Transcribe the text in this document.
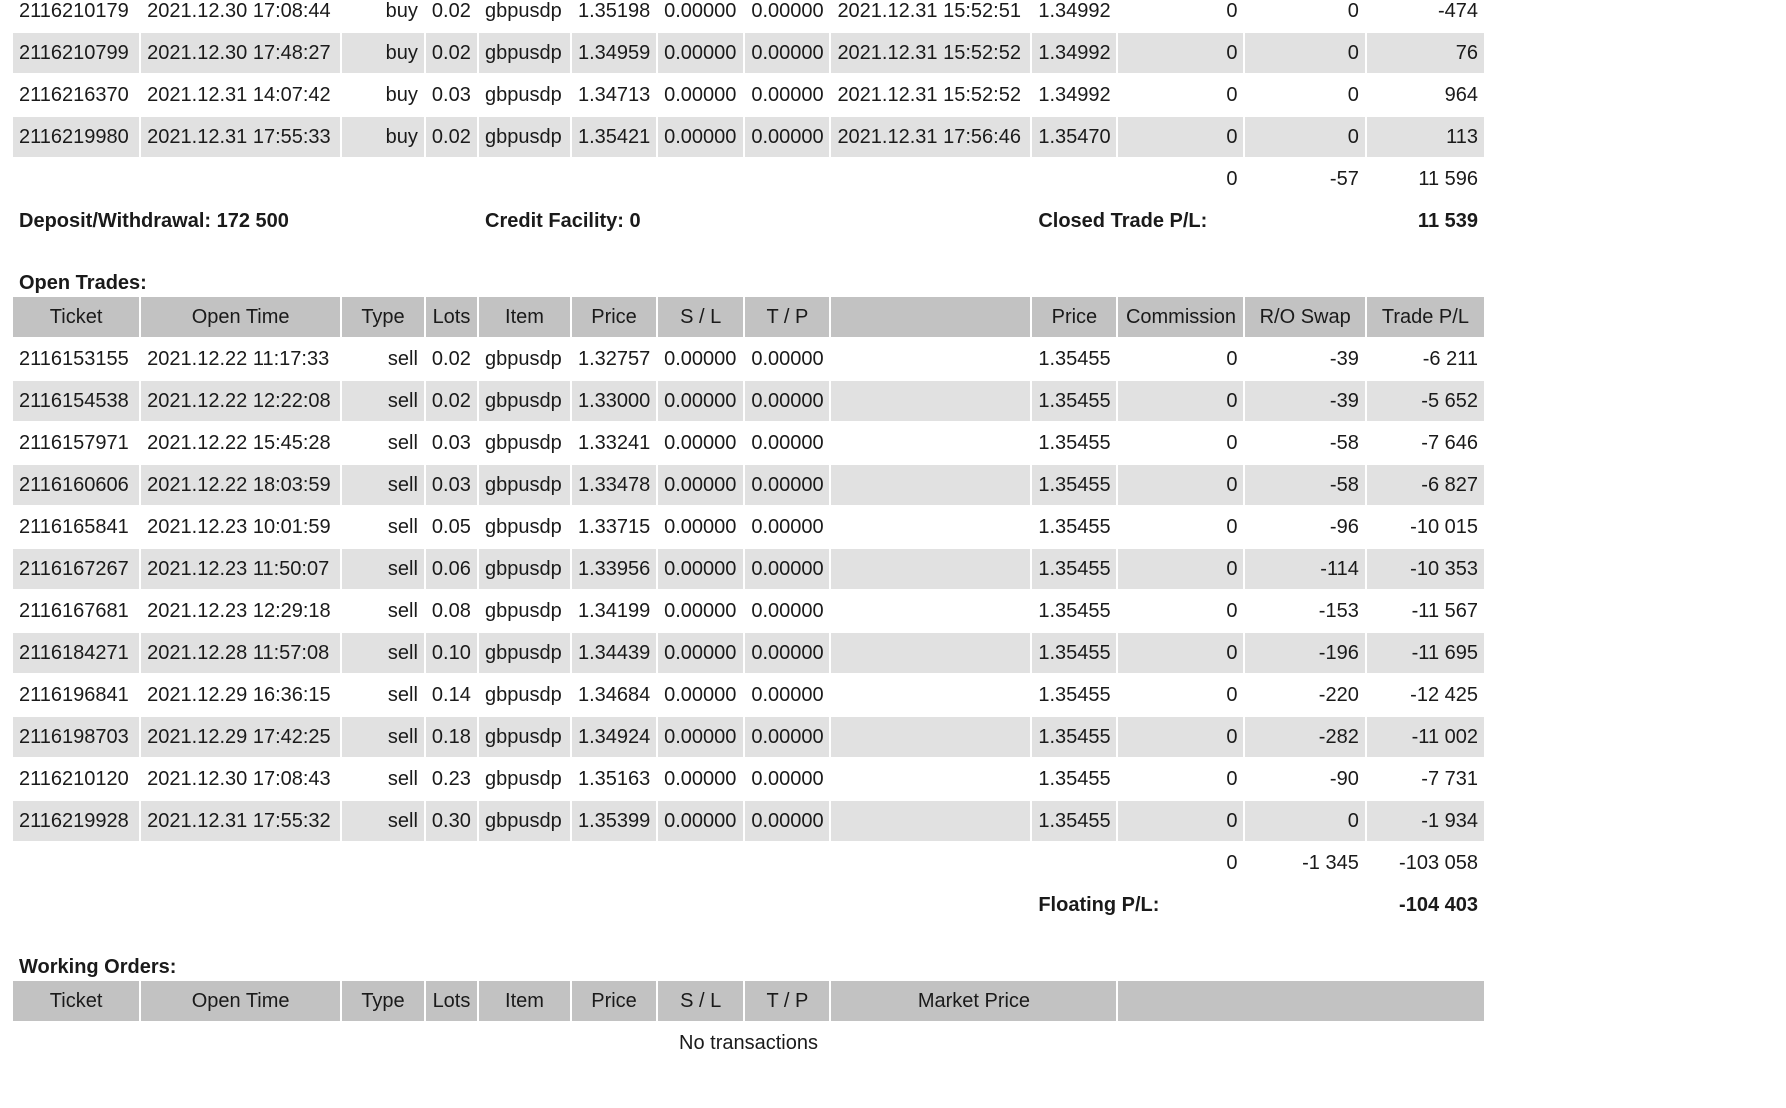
2116210179	2021.12.30 17:08:44	buy	0.02	gbpusdp	1.35198	0.00000	0.00000	2021.12.31 15:52:51	1.34992	0	0	-474
2116210799	2021.12.30 17:48:27	buy	0.02	gbpusdp	1.34959	0.00000	0.00000	2021.12.31 15:52:52	1.34992	0	0	76
2116216370	2021.12.31 14:07:42	buy	0.03	gbpusdp	1.34713	0.00000	0.00000	2021.12.31 15:52:52	1.34992	0	0	964
2116219980	2021.12.31 17:55:33	buy	0.02	gbpusdp	1.35421	0.00000	0.00000	2021.12.31 17:56:46	1.35470	0	0	113
										0	-57	11 596
Deposit/Withdrawal: 172 500				Credit Facility: 0					Closed Trade P/L:			11 539
Open Trades:												
Ticket	Open Time	Type	Lots	Item	Price	S / L	T / P		Price	Commission	R/O Swap	Trade P/L
2116153155	2021.12.22 11:17:33	sell	0.02	gbpusdp	1.32757	0.00000	0.00000		1.35455	0	-39	-6 211
2116154538	2021.12.22 12:22:08	sell	0.02	gbpusdp	1.33000	0.00000	0.00000		1.35455	0	-39	-5 652
2116157971	2021.12.22 15:45:28	sell	0.03	gbpusdp	1.33241	0.00000	0.00000		1.35455	0	-58	-7 646
2116160606	2021.12.22 18:03:59	sell	0.03	gbpusdp	1.33478	0.00000	0.00000		1.35455	0	-58	-6 827
2116165841	2021.12.23 10:01:59	sell	0.05	gbpusdp	1.33715	0.00000	0.00000		1.35455	0	-96	-10 015
2116167267	2021.12.23 11:50:07	sell	0.06	gbpusdp	1.33956	0.00000	0.00000		1.35455	0	-114	-10 353
2116167681	2021.12.23 12:29:18	sell	0.08	gbpusdp	1.34199	0.00000	0.00000		1.35455	0	-153	-11 567
2116184271	2021.12.28 11:57:08	sell	0.10	gbpusdp	1.34439	0.00000	0.00000		1.35455	0	-196	-11 695
2116196841	2021.12.29 16:36:15	sell	0.14	gbpusdp	1.34684	0.00000	0.00000		1.35455	0	-220	-12 425
2116198703	2021.12.29 17:42:25	sell	0.18	gbpusdp	1.34924	0.00000	0.00000		1.35455	0	-282	-11 002
2116210120	2021.12.30 17:08:43	sell	0.23	gbpusdp	1.35163	0.00000	0.00000		1.35455	0	-90	-7 731
2116219928	2021.12.31 17:55:32	sell	0.30	gbpusdp	1.35399	0.00000	0.00000		1.35455	0	0	-1 934
										0	-1 345	-103 058
									Floating P/L:			-104 403
Working Orders:												
Ticket	Open Time	Type	Lots	Item	Price	S / L	T / P	Market Price				
No transactions												
